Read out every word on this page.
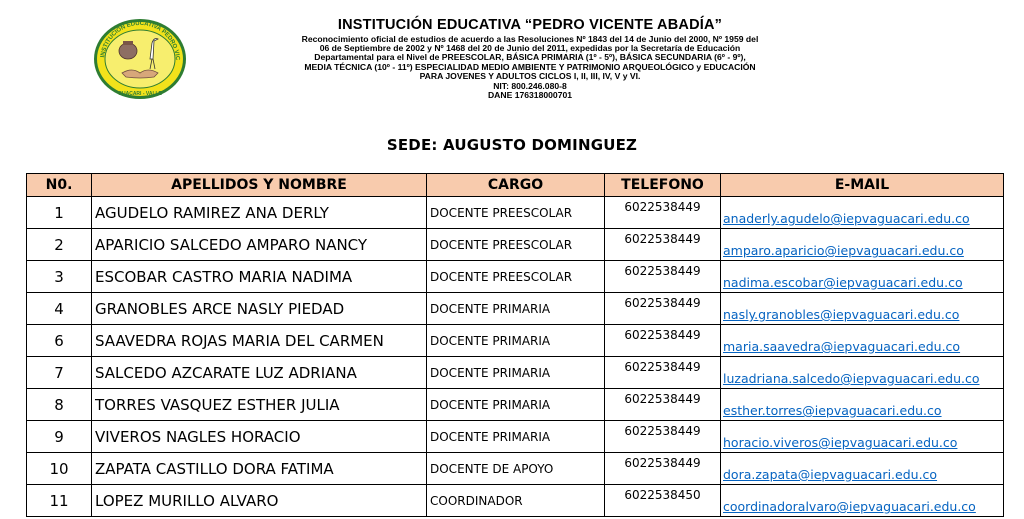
INSTITUCION EDUCATIVA PEDRO VIC
GUACARI - VALLE
INSTITUCIÓN EDUCATIVA “PEDRO VICENTE ABADÍA”
Reconocimiento oficial de estudios de acuerdo a las Resoluciones Nº 1843 del 14 de Junio del 2000, Nº 1959 del
06 de Septiembre de 2002 y Nº 1468 del 20 de Junio del 2011, expedidas por la Secretaría de Educación
Departamental para el Nivel de PREESCOLAR, BÁSICA PRIMARIA (1º - 5º), BÁSICA SECUNDARIA (6º - 9º),
MEDIA TÉCNICA (10º - 11º) ESPECIALIDAD MEDIO AMBIENTE Y PATRIMONIO ARQUEOLÓGICO y EDUCACIÓN
PARA JOVENES Y ADULTOS CICLOS I, II, III, IV, V y VI.
NIT: 800.246.080-8
DANE 176318000701
SEDE: AUGUSTO DOMINGUEZ
N0.	APELLIDOS Y NOMBRE	CARGO	TELEFONO	E-MAIL
1	AGUDELO RAMIREZ ANA DERLY	DOCENTE PREESCOLAR	6022538449	anaderly.agudelo@iepvaguacari.edu.co
2	APARICIO SALCEDO AMPARO NANCY	DOCENTE PREESCOLAR	6022538449	amparo.aparicio@iepvaguacari.edu.co
3	ESCOBAR CASTRO MARIA NADIMA	DOCENTE PREESCOLAR	6022538449	nadima.escobar@iepvaguacari.edu.co
4	GRANOBLES ARCE NASLY PIEDAD	DOCENTE PRIMARIA	6022538449	nasly.granobles@iepvaguacari.edu.co
6	SAAVEDRA ROJAS MARIA DEL CARMEN	DOCENTE PRIMARIA	6022538449	maria.saavedra@iepvaguacari.edu.co
7	SALCEDO AZCARATE LUZ ADRIANA	DOCENTE PRIMARIA	6022538449	luzadriana.salcedo@iepvaguacari.edu.co
8	TORRES VASQUEZ ESTHER JULIA	DOCENTE PRIMARIA	6022538449	esther.torres@iepvaguacari.edu.co
9	VIVEROS NAGLES HORACIO	DOCENTE PRIMARIA	6022538449	horacio.viveros@iepvaguacari.edu.co
10	ZAPATA CASTILLO DORA FATIMA	DOCENTE DE APOYO	6022538449	dora.zapata@iepvaguacari.edu.co
11	LOPEZ MURILLO ALVARO	COORDINADOR	6022538450	coordinadoralvaro@iepvaguacari.edu.co
